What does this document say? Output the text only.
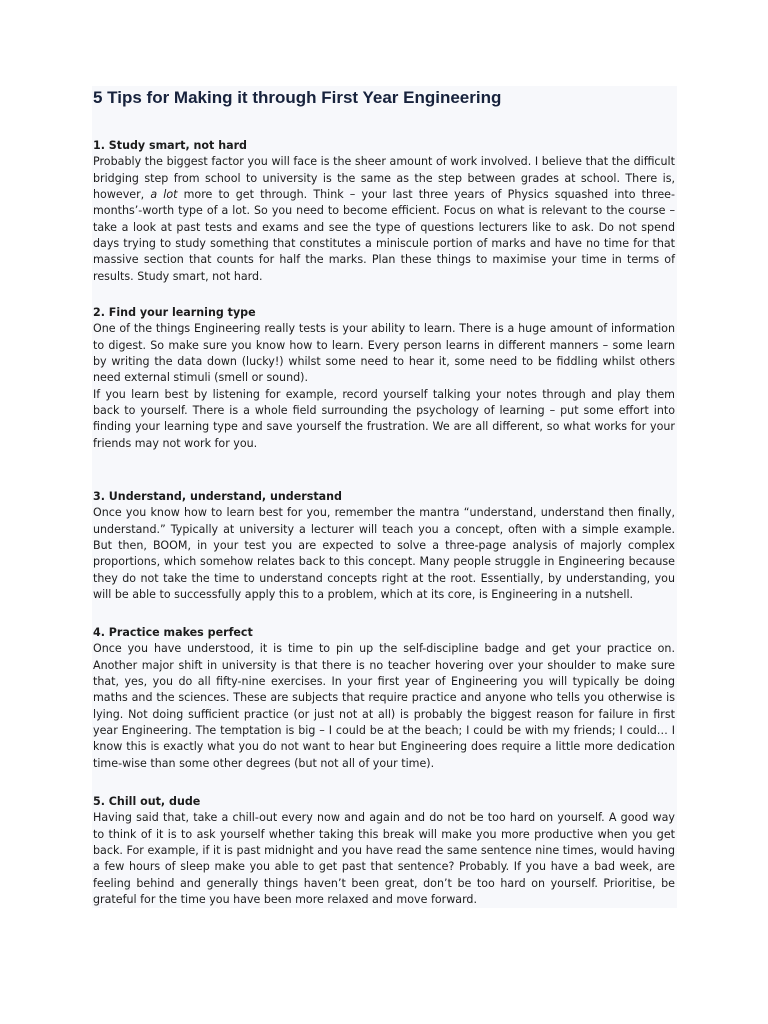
5 Tips for Making it through First Year Engineering
1. Study smart, not hard

Probably the biggest factor you will face is the sheer amount of work involved. I believe that the difficult bridging step from school to university is the same as the step between grades at school. There is, however, a lot more to get through. Think – your last three years of Physics squashed into three-months’-worth type of a lot. So you need to become efficient. Focus on what is relevant to the course – take a look at past tests and exams and see the type of questions lecturers like to ask. Do not spend days trying to study something that constitutes a miniscule portion of marks and have no time for that massive section that counts for half the marks. Plan these things to maximise your time in terms of results. Study smart, not hard.

2. Find your learning type

One of the things Engineering really tests is your ability to learn. There is a huge amount of information to digest. So make sure you know how to learn. Every person learns in different manners – some learn by writing the data down (lucky!) whilst some need to hear it, some need to be fiddling whilst others need external stimuli (smell or sound).

If you learn best by listening for example, record yourself talking your notes through and play them back to yourself. There is a whole field surrounding the psychology of learning – put some effort into finding your learning type and save yourself the frustration. We are all different, so what works for your friends may not work for you.

3. Understand, understand, understand

Once you know how to learn best for you, remember the mantra “understand, understand then finally, understand.” Typically at university a lecturer will teach you a concept, often with a simple example. But then, BOOM, in your test you are expected to solve a three-page analysis of majorly complex proportions, which somehow relates back to this concept. Many people struggle in Engineering because they do not take the time to understand concepts right at the root. Essentially, by understanding, you will be able to successfully apply this to a problem, which at its core, is Engineering in a nutshell.

4. Practice makes perfect

Once you have understood, it is time to pin up the self-discipline badge and get your practice on. Another major shift in university is that there is no teacher hovering over your shoulder to make sure that, yes, you do all fifty-nine exercises. In your first year of Engineering you will typically be doing maths and the sciences. These are subjects that require practice and anyone who tells you otherwise is lying. Not doing sufficient practice (or just not at all) is probably the biggest reason for failure in first year Engineering. The temptation is big – I could be at the beach; I could be with my friends; I could… I know this is exactly what you do not want to hear but Engineering does require a little more dedication time-wise than some other degrees (but not all of your time).

5. Chill out, dude

Having said that, take a chill-out every now and again and do not be too hard on yourself. A good way to think of it is to ask yourself whether taking this break will make you more productive when you get back. For example, if it is past midnight and you have read the same sentence nine times, would having a few hours of sleep make you able to get past that sentence? Probably. If you have a bad week, are feeling behind and generally things haven’t been great, don’t be too hard on yourself. Prioritise, be grateful for the time you have been more relaxed and move forward.
